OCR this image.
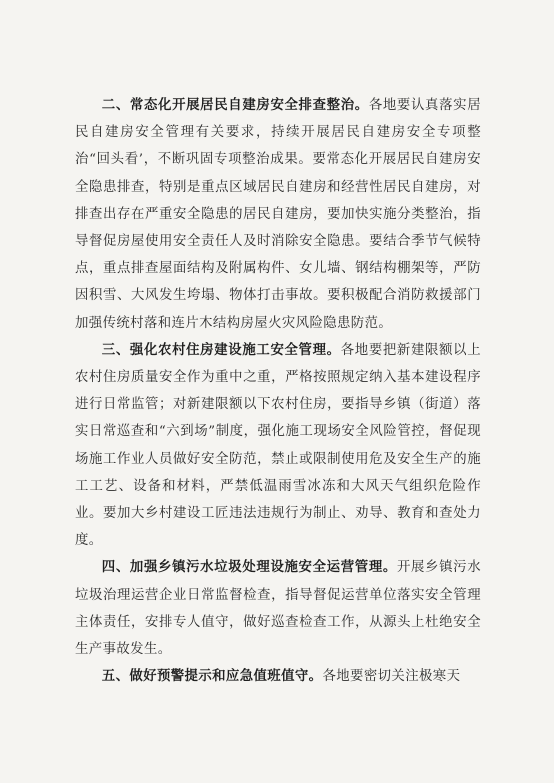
二、常态化开展居民自建房安全排查整治。各地要认真落实居民自建房安全管理有关要求，持续开展居民自建房安全专项整治“回头看’，不断巩固专项整治成果。要常态化开展居民自建房安全隐患排查，特别是重点区域居民自建房和经营性居民自建房，对排查出存在严重安全隐患的居民自建房，要加快实施分类整治，指导督促房屋使用安全责任人及时消除安全隐患。要结合季节气候特点，重点排查屋面结构及附属构件、女儿墙、钢结构棚架等，严防因积雪、大风发生垮塌、物体打击事故。要积极配合消防救援部门加强传统村落和连片木结构房屋火灾风险隐患防范。

三、强化农村住房建设施工安全管理。各地要把新建限额以上农村住房质量安全作为重中之重，严格按照规定纳入基本建设程序进行日常监管；对新建限额以下农村住房，要指导乡镇（街道）落实日常巡查和“六到场”制度，强化施工现场安全风险管控，督促现场施工作业人员做好安全防范，禁止或限制使用危及安全生产的施工工艺、设备和材料，严禁低温雨雪冰冻和大风天气组织危险作业。要加大乡村建设工匠违法违规行为制止、劝导、教育和查处力度。

四、加强乡镇污水垃圾处理设施安全运营管理。开展乡镇污水垃圾治理运营企业日常监督检查，指导督促运营单位落实安全管理主体责任，安排专人值守，做好巡查检查工作，从源头上杜绝安全生产事故发生。

五、做好预警提示和应急值班值守。各地要密切关注极寒天
